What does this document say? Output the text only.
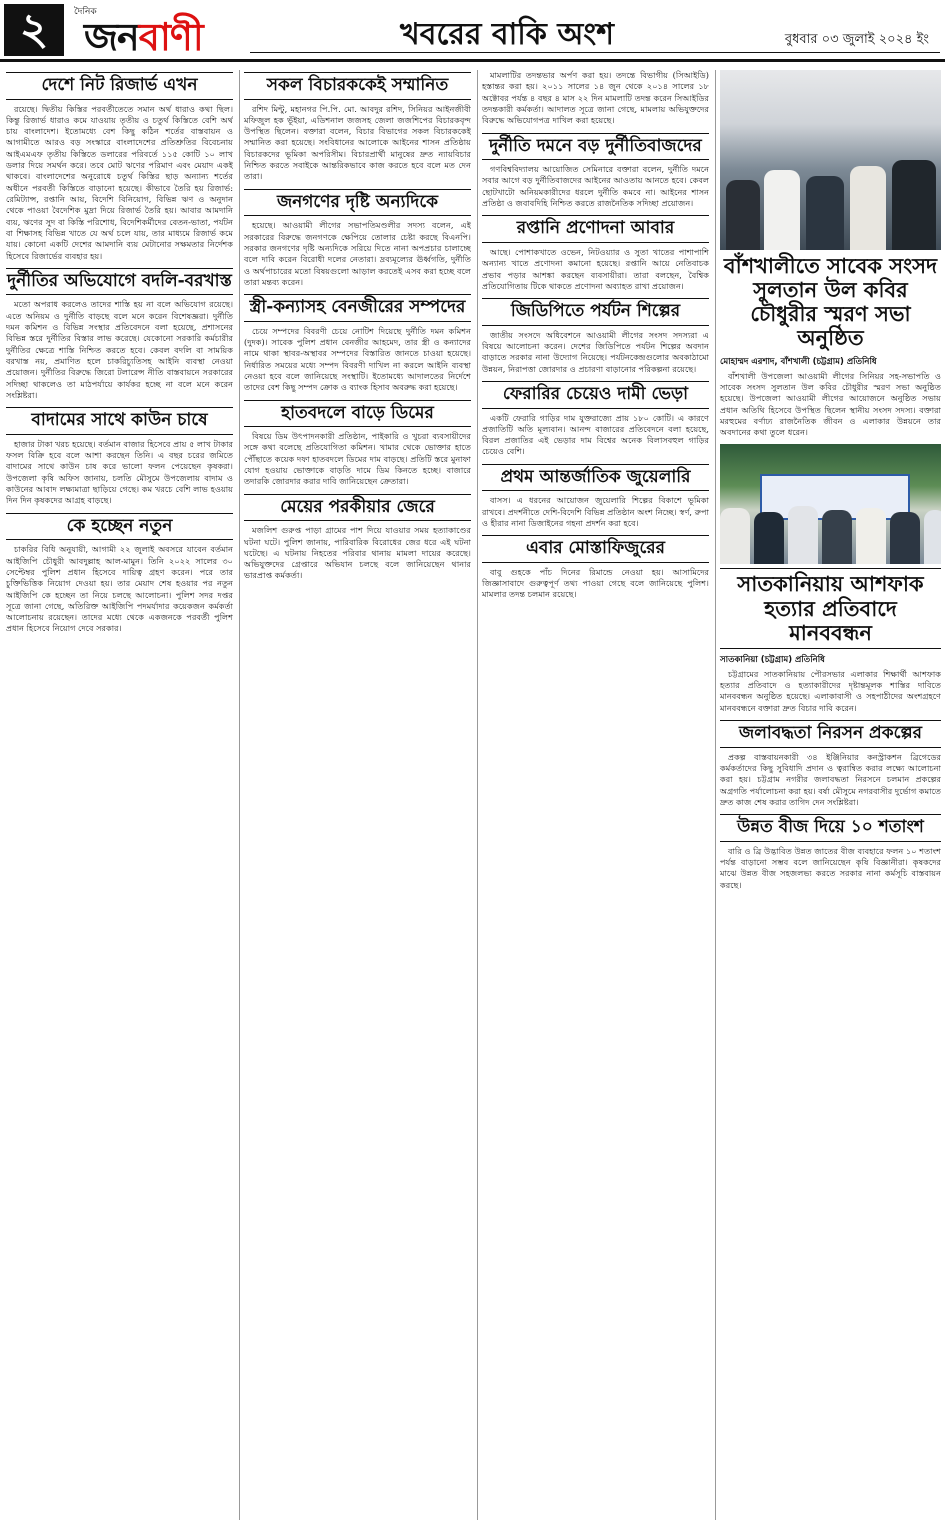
২	দৈনিক
জনবাণী	খবরের বাকি অংশ	বুধবার ০৩ জুলাই ২০২৪ ইং
দেশে নিট রিজার্ভ এখন

রয়েছে। দ্বিতীয় কিস্তির পরবর্তীতেতে সমান অর্থ ধারাও কথা ছিল। কিন্তু রিজার্ভ ধারাও কমে যাওয়ায় তৃতীয় ও চতুর্থ কিস্তিতে বেশি অর্থ চায় বাংলাদেশ। ইতোমধ্যে বেশ কিছু কঠিন শর্তের বাস্তবায়ন ও আগামীতে আরও বড় সংস্কারে বাংলাদেশের প্রতিশ্রুতির বিবেচনায় আইএমএফ তৃতীয় কিস্তিতে ডলারের পরিবর্তে ১১৫ কোটি ১০ লাখ ডলার দিয়ে সমর্থন করে। তবে মোট ঋণের পরিমাণ এবং মেয়াদ একই থাকবে। বাংলাদেশের অনুরোধে চতুর্থ কিস্তির ছাড় অন্যান্য শর্তের অধীনে পরবর্তী কিস্তিতে বাড়ানো হয়েছে। কীভাবে তৈরি হয় রিজার্ভ: রেমিট্যান্স, রপ্তানি আয়, বিদেশি বিনিয়োগ, বিভিন্ন ঋণ ও অনুদান থেকে পাওয়া বৈদেশিক মুদ্রা দিয়ে রিজার্ভ তৈরি হয়। আবার আমদানি ব্যয়, ঋণের সুদ বা কিস্তি পরিশোধ, বিদেশিকর্মীদের বেতন-ভাতা, পর্যটন বা শিক্ষাসহ বিভিন্ন খাতে যে অর্থ চলে যায়, তার মাধ্যমে রিজার্ভ কমে যায়। কোনো একটি দেশের আমদানি ব্যয় মেটানোর সক্ষমতার নির্দেশক হিসেবে রিজার্ভের ব্যবহার হয়।

দুর্নীতির অভিযোগে বদলি-বরখাস্ত

মতো অপরাধ করলেও তাদের শাস্তি হয় না বলে অভিযোগ রয়েছে। এতে অনিয়ম ও দুর্নীতি বাড়ছে বলে মনে করেন বিশেষজ্ঞরা। দুর্নীতি দমন কমিশন ও বিভিন্ন সংস্থার প্রতিবেদনে বলা হয়েছে, প্রশাসনের বিভিন্ন স্তরে দুর্নীতির বিস্তার লাভ করেছে। যেকোনো সরকারি কর্মচারীর দুর্নীতির ক্ষেত্রে শাস্তি নিশ্চিত করতে হবে। কেবল বদলি বা সাময়িক বরখাস্ত নয়, প্রমাণিত হলে চাকরিচ্যুতিসহ আইনি ব্যবস্থা নেওয়া প্রয়োজন। দুর্নীতির বিরুদ্ধে জিরো টলারেন্স নীতি বাস্তবায়নে সরকারের সদিচ্ছা থাকলেও তা মাঠপর্যায়ে কার্যকর হচ্ছে না বলে মনে করেন সংশ্লিষ্টরা।

বাদামের সাথে কাউন চাষে

হাজার টাকা খরচ হয়েছে। বর্তমান বাজার হিসেবে প্রায় ৫ লাখ টাকার ফসল বিক্রি হবে বলে আশা করছেন তিনি। এ বছর চরের জমিতে বাদামের সাথে কাউন চাষ করে ভালো ফলন পেয়েছেন কৃষকরা। উপজেলা কৃষি অফিস জানায়, চলতি মৌসুমে উপজেলায় বাদাম ও কাউনের আবাদ লক্ষ্যমাত্রা ছাড়িয়ে গেছে। কম খরচে বেশি লাভ হওয়ায় দিন দিন কৃষকদের আগ্রহ বাড়ছে।

কে হচ্ছেন নতুন

চাকরির বিধি অনুযায়ী, আগামী ২২ জুলাই অবসরে যাবেন বর্তমান আইজিপি চৌধুরী আবদুল্লাহ আল-মামুন। তিনি ২০২২ সালের ৩০ সেপ্টেম্বর পুলিশ প্রধান হিসেবে দায়িত্ব গ্রহণ করেন। পরে তার চুক্তিভিত্তিক নিয়োগ দেওয়া হয়। তার মেয়াদ শেষ হওয়ার পর নতুন আইজিপি কে হচ্ছেন তা নিয়ে চলছে আলোচনা। পুলিশ সদর দপ্তর সূত্রে জানা গেছে, অতিরিক্ত আইজিপি পদমর্যাদার কয়েকজন কর্মকর্তা আলোচনায় রয়েছেন। তাদের মধ্যে থেকে একজনকে পরবর্তী পুলিশ প্রধান হিসেবে নিয়োগ দেবে সরকার।

সকল বিচারককেই সম্মানিত

রশিদ মিন্টু, মহানগর পি.পি. মো. আবদুর রশিদ, সিনিয়র আইনজীবী মফিজুল হক ভূঁইয়া, এডিশনাল জজসহ জেলা জজশিপের বিচারকবৃন্দ উপস্থিত ছিলেন। বক্তারা বলেন, বিচার বিভাগের সকল বিচারককেই সম্মানিত করা হয়েছে। সংবিধানের আলোকে আইনের শাসন প্রতিষ্ঠায় বিচারকদের ভূমিকা অপরিসীম। বিচারপ্রার্থী মানুষের দ্রুত ন্যায়বিচার নিশ্চিত করতে সবাইকে আন্তরিকভাবে কাজ করতে হবে বলে মত দেন তারা।

জনগণের দৃষ্টি অন্যদিকে

হয়েছে। আওয়ামী লীগের সভাপতিমণ্ডলীর সদস্য বলেন, এই সরকারের বিরুদ্ধে জনগণকে ক্ষেপিয়ে তোলার চেষ্টা করছে বিএনপি। সরকার জনগণের দৃষ্টি অন্যদিকে সরিয়ে দিতে নানা অপপ্রচার চালাচ্ছে বলে দাবি করেন বিরোধী দলের নেতারা। দ্রব্যমূল্যের ঊর্ধ্বগতি, দুর্নীতি ও অর্থপাচারের মতো বিষয়গুলো আড়াল করতেই এসব করা হচ্ছে বলে তারা মন্তব্য করেন।

স্ত্রী-কন্যাসহ বেনজীরের সম্পদের

চেয়ে সম্পদের বিবরণী চেয়ে নোটিশ দিয়েছে দুর্নীতি দমন কমিশন (দুদক)। সাবেক পুলিশ প্রধান বেনজীর আহমেদ, তার স্ত্রী ও কন্যাদের নামে থাকা স্থাবর-অস্থাবর সম্পদের বিস্তারিত জানতে চাওয়া হয়েছে। নির্ধারিত সময়ের মধ্যে সম্পদ বিবরণী দাখিল না করলে আইনি ব্যবস্থা নেওয়া হবে বলে জানিয়েছে সংস্থাটি। ইতোমধ্যে আদালতের নির্দেশে তাদের বেশ কিছু সম্পদ ক্রোক ও ব্যাংক হিসাব অবরুদ্ধ করা হয়েছে।

হাতবদলে বাড়ে ডিমের

বিষয়ে ডিম উৎপাদনকারী প্রতিষ্ঠান, পাইকারি ও খুচরা ব্যবসায়ীদের সঙ্গে কথা বলেছে প্রতিযোগিতা কমিশন। খামার থেকে ভোক্তার হাতে পৌঁছাতে কয়েক দফা হাতবদলে ডিমের দাম বাড়ছে। প্রতিটি স্তরে মুনাফা যোগ হওয়ায় ভোক্তাকে বাড়তি দামে ডিম কিনতে হচ্ছে। বাজারে তদারকি জোরদার করার দাবি জানিয়েছেন ক্রেতারা।

মেয়ের পরকীয়ার জেরে

মজলিশ গুরুপ্ত পাড়া গ্রামের পাশ দিয়ে যাওয়ার সময় হত্যাকাণ্ডের ঘটনা ঘটে। পুলিশ জানায়, পারিবারিক বিরোধের জের ধরে এই ঘটনা ঘটেছে। এ ঘটনায় নিহতের পরিবার থানায় মামলা দায়ের করেছে। অভিযুক্তদের গ্রেপ্তারে অভিযান চলছে বলে জানিয়েছেন থানার ভারপ্রাপ্ত কর্মকর্তা।

মামলাটির তদন্তভার অর্পণ করা হয়। তদন্তে বিভাগীয় (সিআইডি) হস্তান্তর করা হয়। ২০১১ সালের ১৪ জুন থেকে ২০১৪ সালের ১৮ অক্টোবর পর্যন্ত ৪ বছর ৪ মাস ২২ দিন মামলাটি তদন্ত করেন সিআইডির তদন্তকারী কর্মকর্তা। আদালত সূত্রে জানা গেছে, মামলায় অভিযুক্তদের বিরুদ্ধে অভিযোগপত্র দাখিল করা হয়েছে।

দুর্নীতি দমনে বড় দুর্নীতিবাজদের

গণবিশ্ববিদ্যালয় আয়োজিত সেমিনারে বক্তারা বলেন, দুর্নীতি দমনে সবার আগে বড় দুর্নীতিবাজদের আইনের আওতায় আনতে হবে। কেবল ছোটখাটো অনিয়মকারীদের ধরলে দুর্নীতি কমবে না। আইনের শাসন প্রতিষ্ঠা ও জবাবদিহি নিশ্চিত করতে রাজনৈতিক সদিচ্ছা প্রয়োজন।

রপ্তানি প্রণোদনা আবার

আছে। পোশাকখাতে ওভেন, নিটওয়্যার ও সুতা খাতের পাশাপাশি অন্যান্য খাতে প্রণোদনা কমানো হয়েছে। রপ্তানি আয়ে নেতিবাচক প্রভাব পড়ার আশঙ্কা করছেন ব্যবসায়ীরা। তারা বলছেন, বৈশ্বিক প্রতিযোগিতায় টিকে থাকতে প্রণোদনা অব্যাহত রাখা প্রয়োজন।

জিডিপিতে পর্যটন শিল্পের

জাতীয় সংসদে অধিবেশনে আওয়ামী লীগের সংসদ সদস্যরা এ বিষয়ে আলোচনা করেন। দেশের জিডিপিতে পর্যটন শিল্পের অবদান বাড়াতে সরকার নানা উদ্যোগ নিয়েছে। পর্যটনকেন্দ্রগুলোর অবকাঠামো উন্নয়ন, নিরাপত্তা জোরদার ও প্রচারণা বাড়ানোর পরিকল্পনা রয়েছে।

ফেরারির চেয়েও দামী ভেড়া

একটি ফেরারি গাড়ির দাম যুক্তরাজ্যে প্রায় ১৮০ কোটি। এ কারণে প্রজাতিটি অতি মূল্যবান। আনন্দ বাজারের প্রতিবেদনে বলা হয়েছে, বিরল প্রজাতির এই ভেড়ার দাম বিশ্বের অনেক বিলাসবহুল গাড়ির চেয়েও বেশি।

প্রথম আন্তর্জাতিক জুয়েলারি

বাসস। এ ধরনের আয়োজন জুয়েলারি শিল্পের বিকাশে ভূমিকা রাখবে। প্রদর্শনীতে দেশি-বিদেশি বিভিন্ন প্রতিষ্ঠান অংশ নিচ্ছে। স্বর্ণ, রুপা ও হীরার নানা ডিজাইনের গহনা প্রদর্শন করা হবে।

এবার মোস্তাফিজুরের

বাবু গুহকে পাঁচ দিনের রিমান্ডে নেওয়া হয়। আসামিদের জিজ্ঞাসাবাদে গুরুত্বপূর্ণ তথ্য পাওয়া গেছে বলে জানিয়েছে পুলিশ। মামলার তদন্ত চলমান রয়েছে।

বাঁশখালীতে সাবেক সংসদ সুলতান উল কবির চৌধুরীর স্মরণ সভা অনুষ্ঠিত
মোহাম্মদ এরশাদ, বাঁশখালী (চট্টগ্রাম) প্রতিনিধি

বাঁশখালী উপজেলা আওয়ামী লীগের সিনিয়র সহ-সভাপতি ও সাবেক সংসদ সুলতান উল কবির চৌধুরীর স্মরণ সভা অনুষ্ঠিত হয়েছে। উপজেলা আওয়ামী লীগের আয়োজনে অনুষ্ঠিত সভায় প্রধান অতিথি হিসেবে উপস্থিত ছিলেন স্থানীয় সংসদ সদস্য। বক্তারা মরহুমের বর্ণাঢ্য রাজনৈতিক জীবন ও এলাকার উন্নয়নে তার অবদানের কথা তুলে ধরেন।

সাতকানিয়ায় আশফাক হত্যার প্রতিবাদে মানববন্ধন
সাতকানিয়া (চট্টগ্রাম) প্রতিনিধি

চট্টগ্রামের সাতকানিয়ায় পৌরসভার এলাকার শিক্ষার্থী আশফাক হত্যার প্রতিবাদে ও হত্যাকারীদের দৃষ্টান্তমূলক শাস্তির দাবিতে মানববন্ধন অনুষ্ঠিত হয়েছে। এলাকাবাসী ও সহপাঠীদের অংশগ্রহণে মানববন্ধনে বক্তারা দ্রুত বিচার দাবি করেন।

জলাবদ্ধতা নিরসন প্রকল্পের

প্রকল্প বাস্তবায়নকারী ৩৪ ইঞ্জিনিয়ার কনস্ট্রাকশন ব্রিগেডের কর্মকর্তাদের কিছু সুবিধাদি প্রদান ও ত্বরান্বিত করার লক্ষ্যে আলোচনা করা হয়। চট্টগ্রাম নগরীর জলাবদ্ধতা নিরসনে চলমান প্রকল্পের অগ্রগতি পর্যালোচনা করা হয়। বর্ষা মৌসুমে নগরবাসীর দুর্ভোগ কমাতে দ্রুত কাজ শেষ করার তাগিদ দেন সংশ্লিষ্টরা।

উন্নত বীজ দিয়ে ১০ শতাংশ

বারি ও ব্রি উদ্ভাবিত উন্নত জাতের বীজ ব্যবহারে ফলন ১০ শতাংশ পর্যন্ত বাড়ানো সম্ভব বলে জানিয়েছেন কৃষি বিজ্ঞানীরা। কৃষকদের মাঝে উন্নত বীজ সহজলভ্য করতে সরকার নানা কর্মসূচি বাস্তবায়ন করছে।
